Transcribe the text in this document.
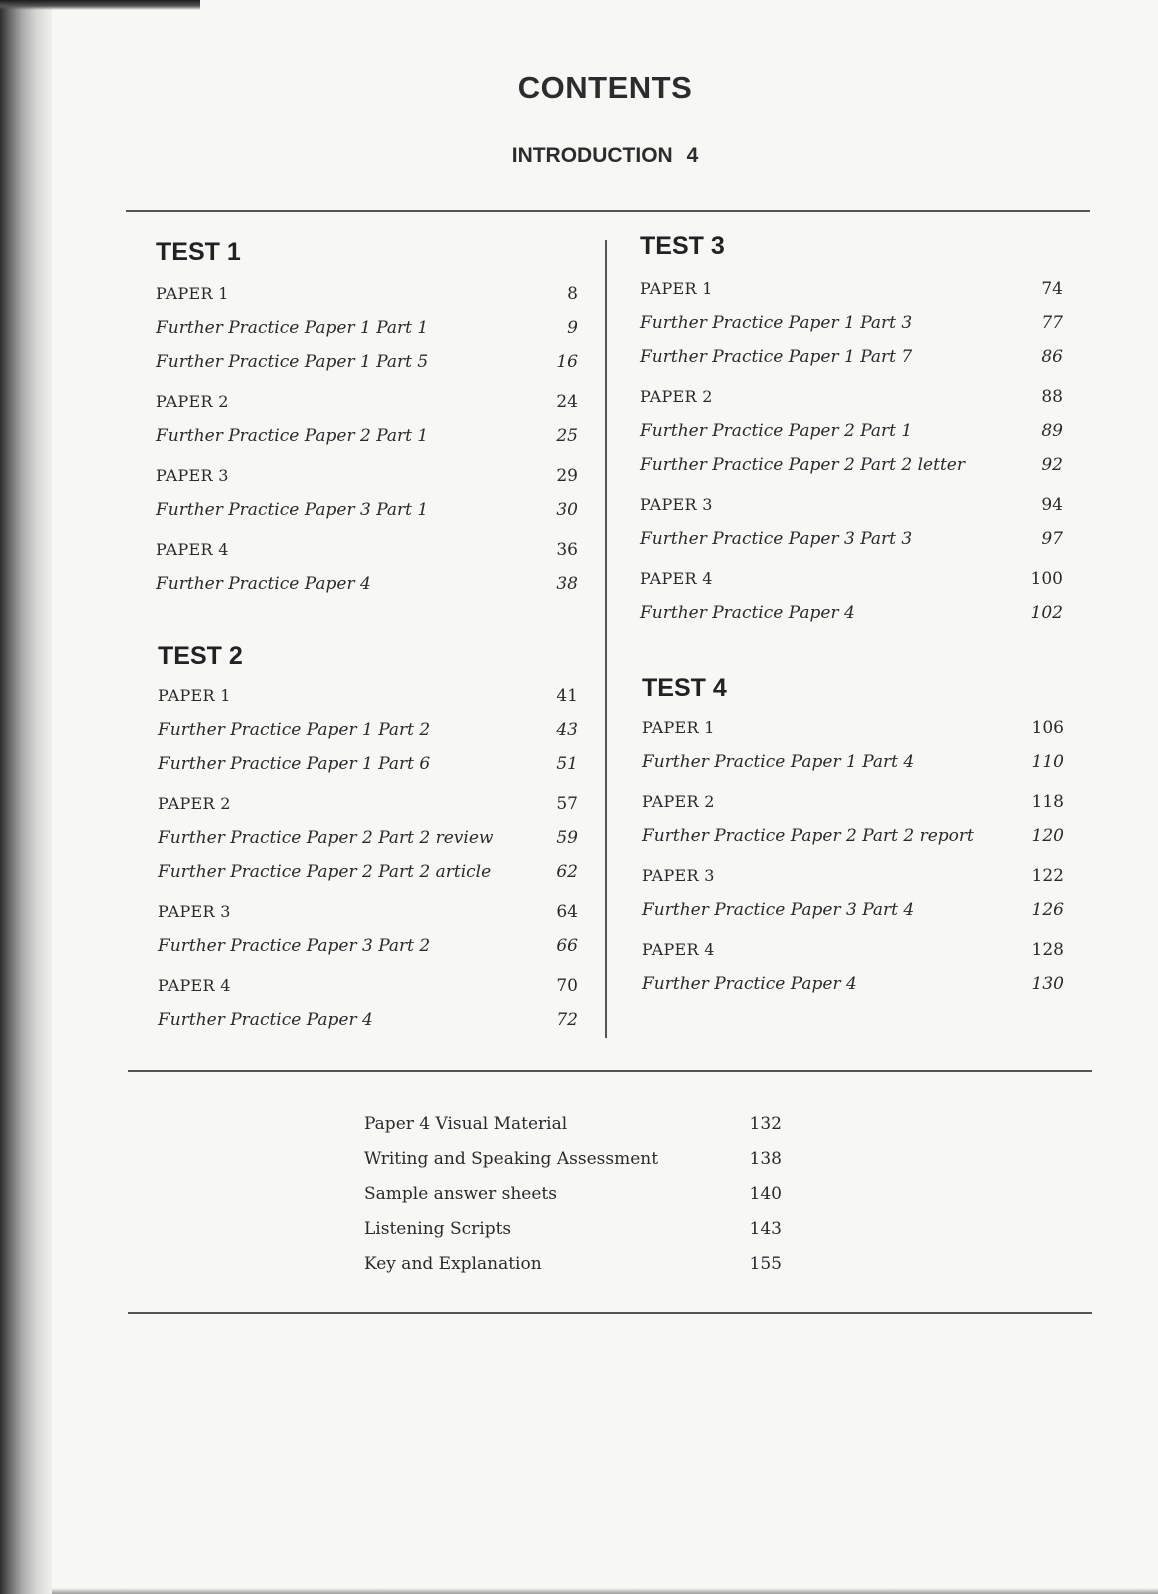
CONTENTS
INTRODUCTION 4
TEST 1
PAPER 1	8
Further Practice Paper 1 Part 1	9
Further Practice Paper 1 Part 5	16
PAPER 2	24
Further Practice Paper 2 Part 1	25
PAPER 3	29
Further Practice Paper 3 Part 1	30
PAPER 4	36
Further Practice Paper 4	38
TEST 2
PAPER 1	41
Further Practice Paper 1 Part 2	43
Further Practice Paper 1 Part 6	51
PAPER 2	57
Further Practice Paper 2 Part 2 review	59
Further Practice Paper 2 Part 2 article	62
PAPER 3	64
Further Practice Paper 3 Part 2	66
PAPER 4	70
Further Practice Paper 4	72
TEST 3
PAPER 1	74
Further Practice Paper 1 Part 3	77
Further Practice Paper 1 Part 7	86
PAPER 2	88
Further Practice Paper 2 Part 1	89
Further Practice Paper 2 Part 2 letter	92
PAPER 3	94
Further Practice Paper 3 Part 3	97
PAPER 4	100
Further Practice Paper 4	102
TEST 4
PAPER 1	106
Further Practice Paper 1 Part 4	110
PAPER 2	118
Further Practice Paper 2 Part 2 report	120
PAPER 3	122
Further Practice Paper 3 Part 4	126
PAPER 4	128
Further Practice Paper 4	130
Paper 4 Visual Material	132
Writing and Speaking Assessment	138
Sample answer sheets	140
Listening Scripts	143
Key and Explanation	155
